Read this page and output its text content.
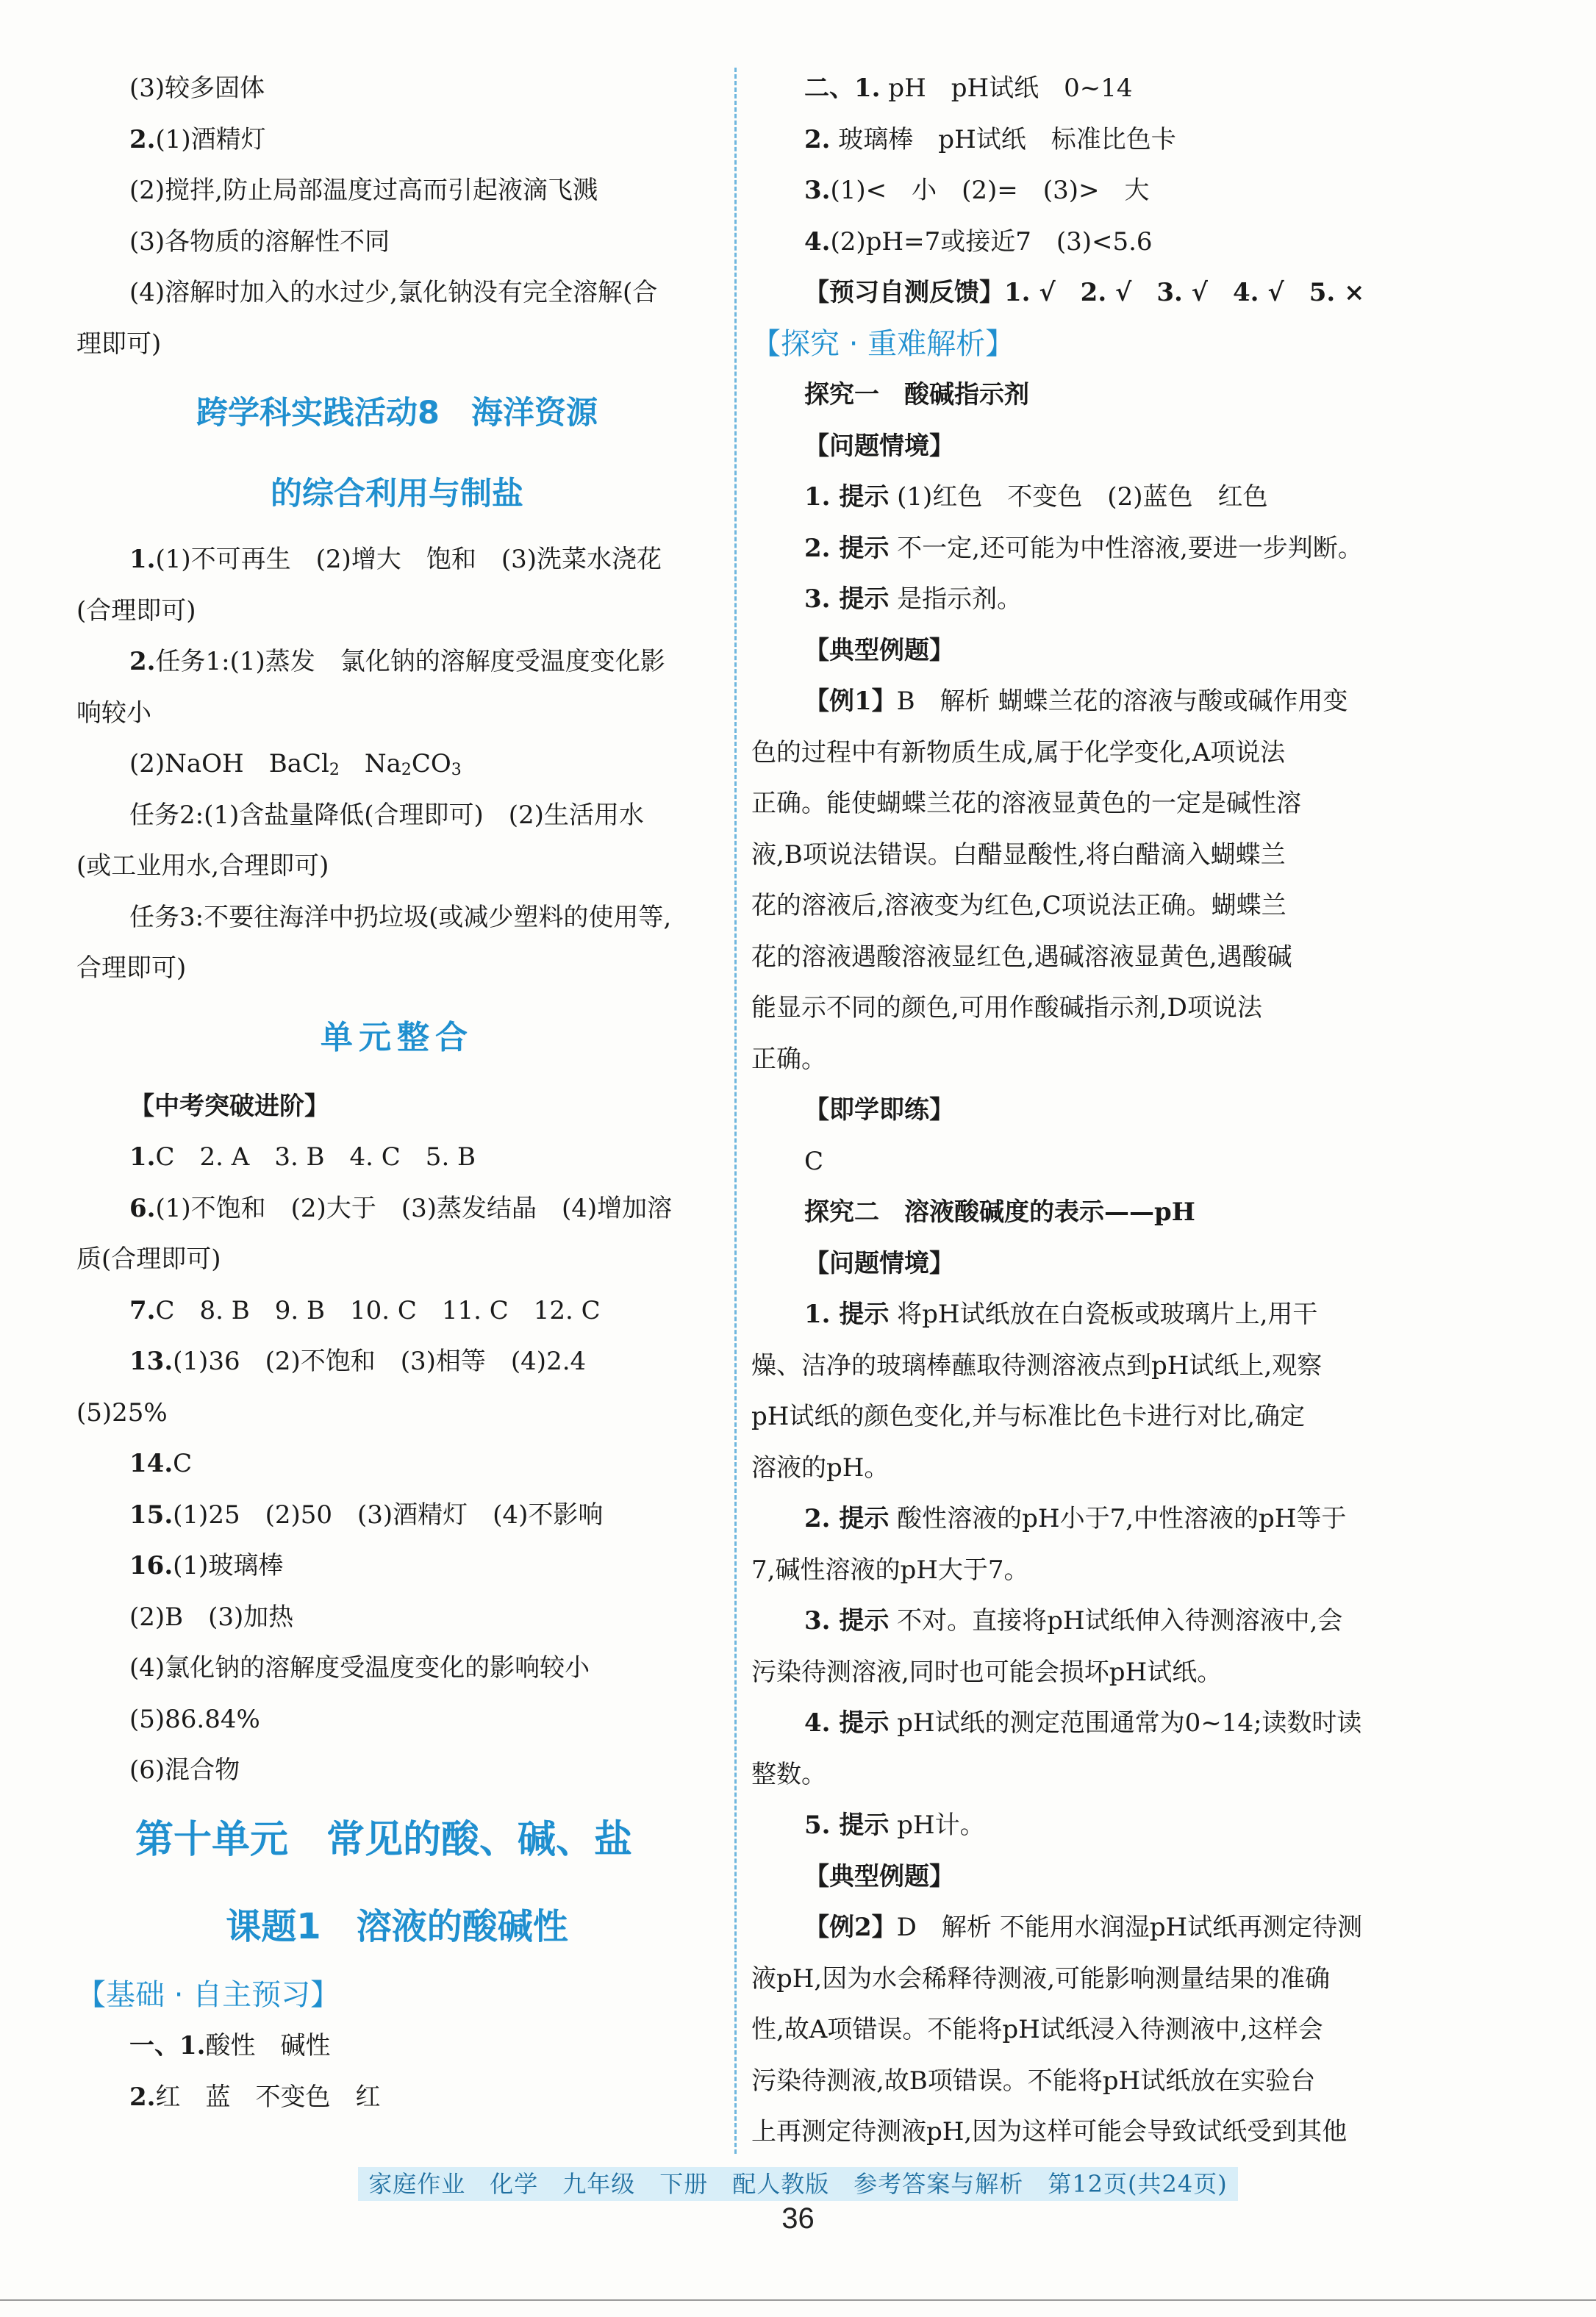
(3)较多固体
2.(1)酒精灯
(2)搅拌,防止局部温度过高而引起液滴飞溅
(3)各物质的溶解性不同
(4)溶解时加入的水过少,氯化钠没有完全溶解(合
理即可)
跨学科实践活动8　海洋资源
的综合利用与制盐
1.(1)不可再生　(2)增大　饱和　(3)洗菜水浇花
(合理即可)
2.任务1:(1)蒸发　氯化钠的溶解度受温度变化影
响较小
(2)NaOH　BaCl$_2$　$Na_2CO_3$
任务2:(1)含盐量降低(合理即可)　(2)生活用水
(或工业用水,合理即可)
任务3:不要往海洋中扔垃圾(或减少塑料的使用等,
合理即可)
单元整合
【中考突破进阶】
1.C　2. A　3. B　4. C　5. B
6.(1)不饱和　(2)大于　(3)蒸发结晶　(4)增加溶
质(合理即可)
7.C　8. B　9. B　10. C　11. C　12. C
13.(1)36　(2)不饱和　(3)相等　(4)2.4
(5)25%
14.C
15.(1)25　(2)50　(3)酒精灯　(4)不影响
16.(1)玻璃棒
(2)B　(3)加热
(4)氯化钠的溶解度受温度变化的影响较小
(5)86.84%
(6)混合物
第十单元　常见的酸、碱、盐
课题1　溶液的酸碱性
【基础 · 自主预习】
一、1.酸性　碱性
2.红　蓝　不变色　红
二、1. pH　pH试纸　0~14
2. 玻璃棒　pH试纸　标准比色卡
3.(1)<　小　(2)=　(3)>　大
4.(2)pH=7或接近7　(3)<5.6
【预习自测反馈】1. √　2. √　3. √　4. √　5. ×
【探究 · 重难解析】
探究一　酸碱指示剂
【问题情境】
1. 提示 (1)红色　不变色　(2)蓝色　红色
2. 提示 不一定,还可能为中性溶液,要进一步判断。
3. 提示 是指示剂。
【典型例题】
【例1】B　解析 蝴蝶兰花的溶液与酸或碱作用变
色的过程中有新物质生成,属于化学变化,A项说法
正确。能使蝴蝶兰花的溶液显黄色的一定是碱性溶
液,B项说法错误。白醋显酸性,将白醋滴入蝴蝶兰
花的溶液后,溶液变为红色,C项说法正确。蝴蝶兰
花的溶液遇酸溶液显红色,遇碱溶液显黄色,遇酸碱
能显示不同的颜色,可用作酸碱指示剂,D项说法
正确。
【即学即练】
C
探究二　溶液酸碱度的表示——pH
【问题情境】
1. 提示 将pH试纸放在白瓷板或玻璃片上,用干
燥、洁净的玻璃棒蘸取待测溶液点到pH试纸上,观察
pH试纸的颜色变化,并与标准比色卡进行对比,确定
溶液的pH。
2. 提示 酸性溶液的pH小于7,中性溶液的pH等于
7,碱性溶液的pH大于7。
3. 提示 不对。直接将pH试纸伸入待测溶液中,会
污染待测溶液,同时也可能会损坏pH试纸。
4. 提示 pH试纸的测定范围通常为0~14;读数时读
整数。
5. 提示 pH计。
【典型例题】
【例2】D　解析 不能用水润湿pH试纸再测定待测
液pH,因为水会稀释待测液,可能影响测量结果的准确
性,故A项错误。不能将pH试纸浸入待测液中,这样会
污染待测液,故B项错误。不能将pH试纸放在实验台
上再测定待测液pH,因为这样可能会导致试纸受到其他
家庭作业　化学　九年级　下册　配人教版　参考答案与解析　第12页(共24页)
36
